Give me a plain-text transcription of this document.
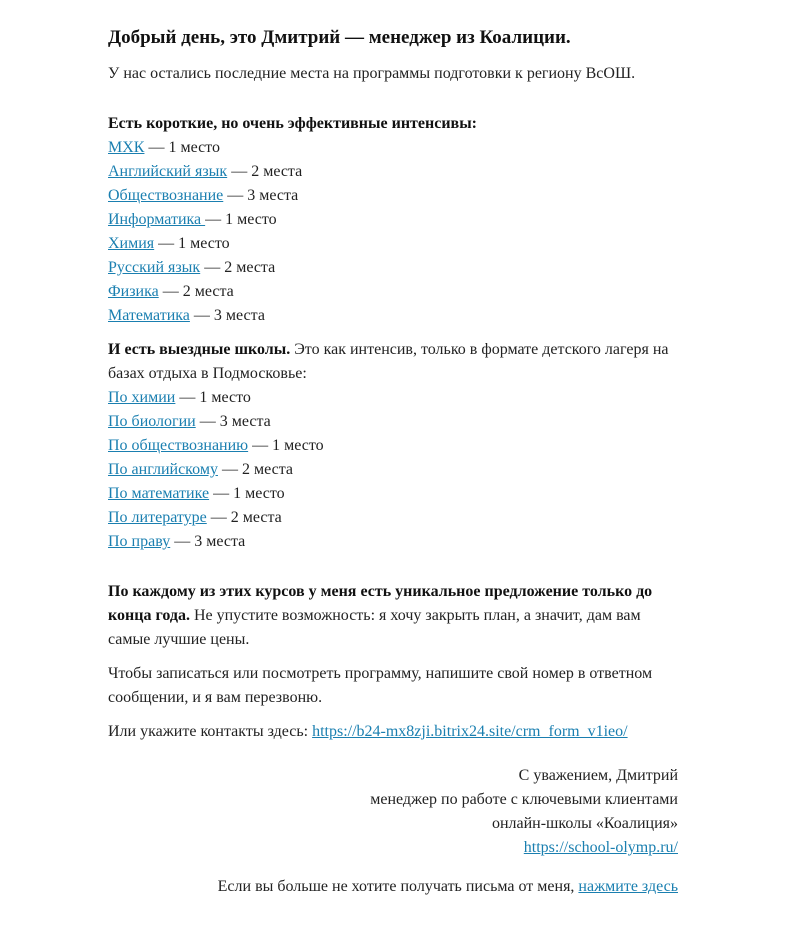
Добрый день, это Дмитрий — менеджер из Коалиции.

У нас остались последние места на программы подготовки к региону ВсОШ.

Есть короткие, но очень эффективные интенсивы:

МХК — 1 место
Английский язык — 2 места
Обществознание — 3 места
Информатика — 1 место
Химия — 1 место
Русский язык — 2 места
Физика — 2 места
Математика — 3 места

И есть выездные школы. Это как интенсив, только в формате детского лагеря на базах отдыха в Подмосковье:

По химии — 1 место
По биологии — 3 места
По обществознанию — 1 место
По английскому — 2 места
По математике — 1 место
По литературе — 2 места
По праву — 3 места

По каждому из этих курсов у меня есть уникальное предложение только до конца года. Не упустите возможность: я хочу закрыть план, а значит, дам вам самые лучшие цены.

Чтобы записаться или посмотреть программу, напишите свой номер в ответном сообщении, и я вам перезвоню.

Или укажите контакты здесь: https://b24-mx8zji.bitrix24.site/crm_form_v1ieo/

С уважением, Дмитрий
менеджер по работе с ключевыми клиентами
онлайн-школы «Коалиция»
https://school-olymp.ru/
Если вы больше не хотите получать письма от меня, нажмите здесь
